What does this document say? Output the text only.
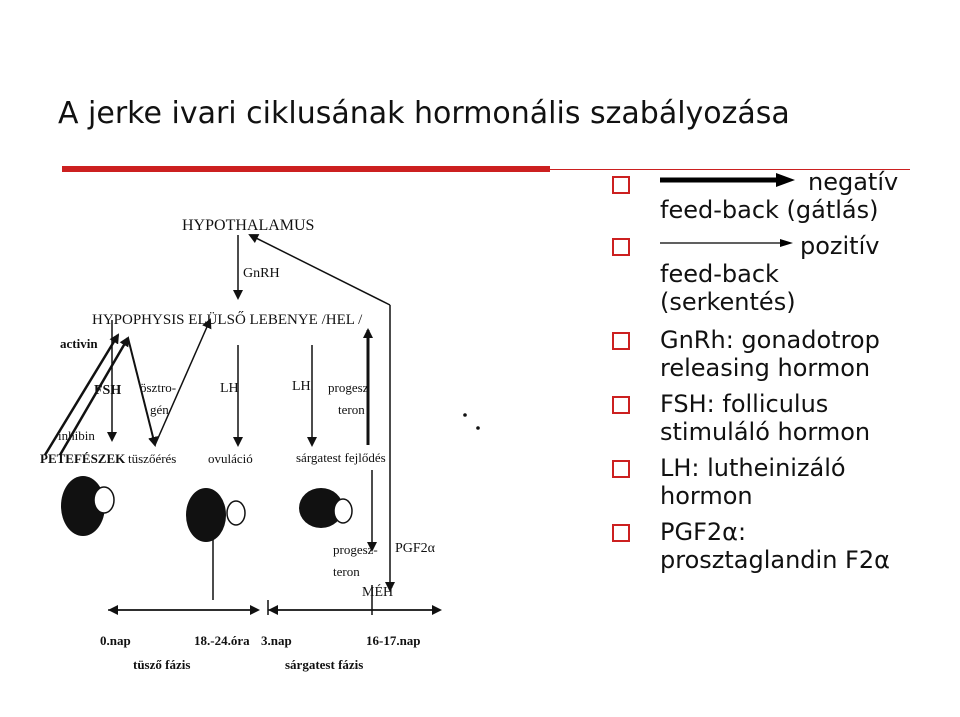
A jerke ivari ciklusának hormonális szabályozása
HYPOTHALAMUS
GnRH
HYPOPHYSIS ELÜLSŐ LEBENYE /HEL /
activin
FSH ösztro-
gén
inhibin
LH	LH progesz
teron
PETEFÉSZEK tüszőérés ovuláció	sárgatest fejlődés
PGF2α
progesz-
teron
MÉH
0.nap	18.-24.óra 3.nap	16-17.nap
tüsző fázis	sárgatest fázis
negatív
feed-back (gátlás)
pozitív
feed-back
(serkentés)
GnRh: gonadotrop
releasing hormon
FSH: folliculus
stimuláló hormon
LH: lutheinizáló
hormon
PGF2α:
prosztaglandin F2α
